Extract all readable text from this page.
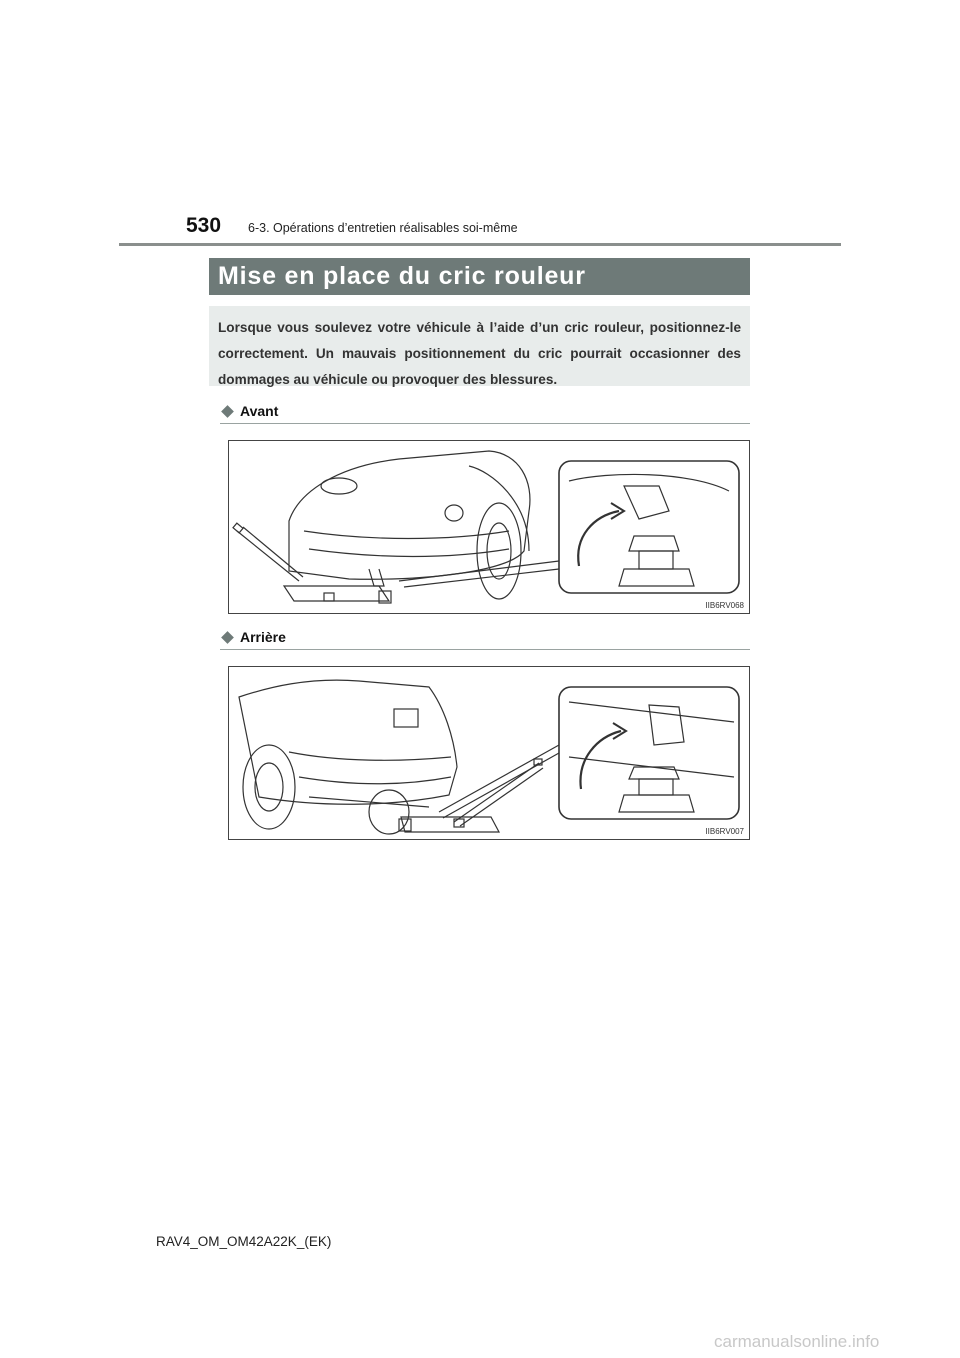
530 6-3. Opérations d’entretien réalisables soi-même
Mise en place du cric rouleur
Lorsque vous soulevez votre véhicule à l’aide d’un cric rouleur, positionnez-le correctement. Un mauvais positionnement du cric pourrait occasionner des dommages au véhicule ou provoquer des blessures.
Avant
IIB6RV068
Arrière
IIB6RV007
RAV4_OM_OM42A22K_(EK)
carmanualsonline.info
